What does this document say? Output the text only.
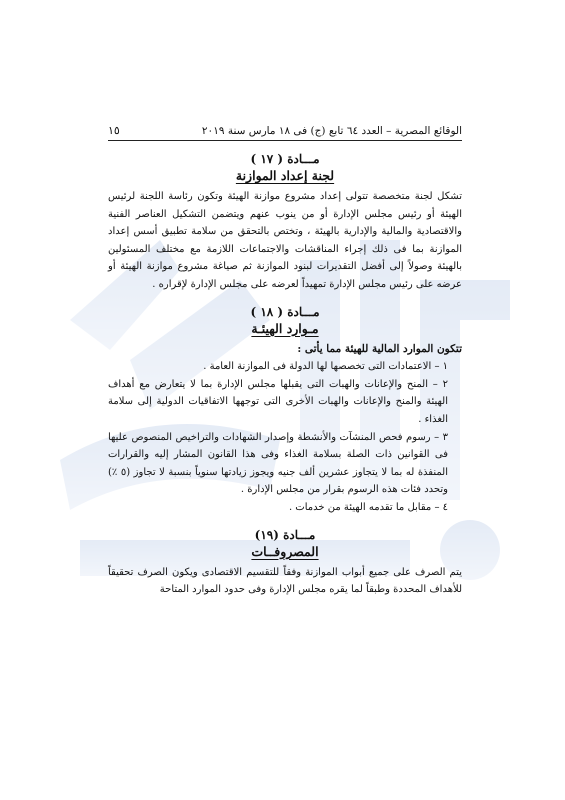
الوقائع المصرية – العدد ٦٤ تابع (ج) فى ١٨ مارس سنة ٢٠١٩
١٥
مـــادة ( ١٧ )
لجنة إعداد الموازنة
تشكل لجنة متخصصة تتولى إعداد مشروع موازنة الهيئة وتكون رئاسة اللجنة لرئيس الهيئة أو رئيس مجلس الإدارة أو من ينوب عنهم ويتضمن التشكيل العناصر الفنية والاقتصادية والمالية والإدارية بالهيئة ، وتختص بالتحقق من سلامة تطبيق أسس إعداد الموازنة بما فى ذلك إجراء المناقشات والاجتماعات اللازمة مع مختلف المسئولين بالهيئة وصولاً إلى أفضل التقديرات لبنود الموازنة ثم صياغة مشروع موازنة الهيئة أو عرضه على رئيس مجلس الإدارة تمهيداً لعرضه على مجلس الإدارة لإقراره .
مـــادة ( ١٨ )
مـوارد الهيئـة
تتكون الموارد المالية للهيئة مما يأتى :
١ – الاعتمادات التى تخصصها لها الدولة فى الموازنة العامة .
٢ – المنح والإعانات والهبات التى يقبلها مجلس الإدارة بما لا يتعارض مع أهداف الهيئة والمنح والإعانات والهبات الأخرى التى توجهها الاتفاقيات الدولية إلى سلامة الغذاء .
٣ – رسوم فحص المنشآت والأنشطة وإصدار الشهادات والتراخيص المنصوص عليها فى القوانين ذات الصلة بسلامة الغذاء وفى هذا القانون المشار إليه والقرارات المنفذة له بما لا يتجاوز عشرين ألف جنيه ويجوز زيادتها سنوياً بنسبة لا تجاوز (٥ ٪) وتحدد فئات هذه الرسوم بقرار من مجلس الإدارة .
٤ – مقابل ما تقدمه الهيئة من خدمات .
مـــادة (١٩)
المصروفــات
يتم الصرف على جميع أبواب الموازنة وفقاً للتقسيم الاقتصادى ويكون الصرف تحقيقاً للأهداف المحددة وطبقاً لما يقره مجلس الإدارة وفى حدود الموارد المتاحة
